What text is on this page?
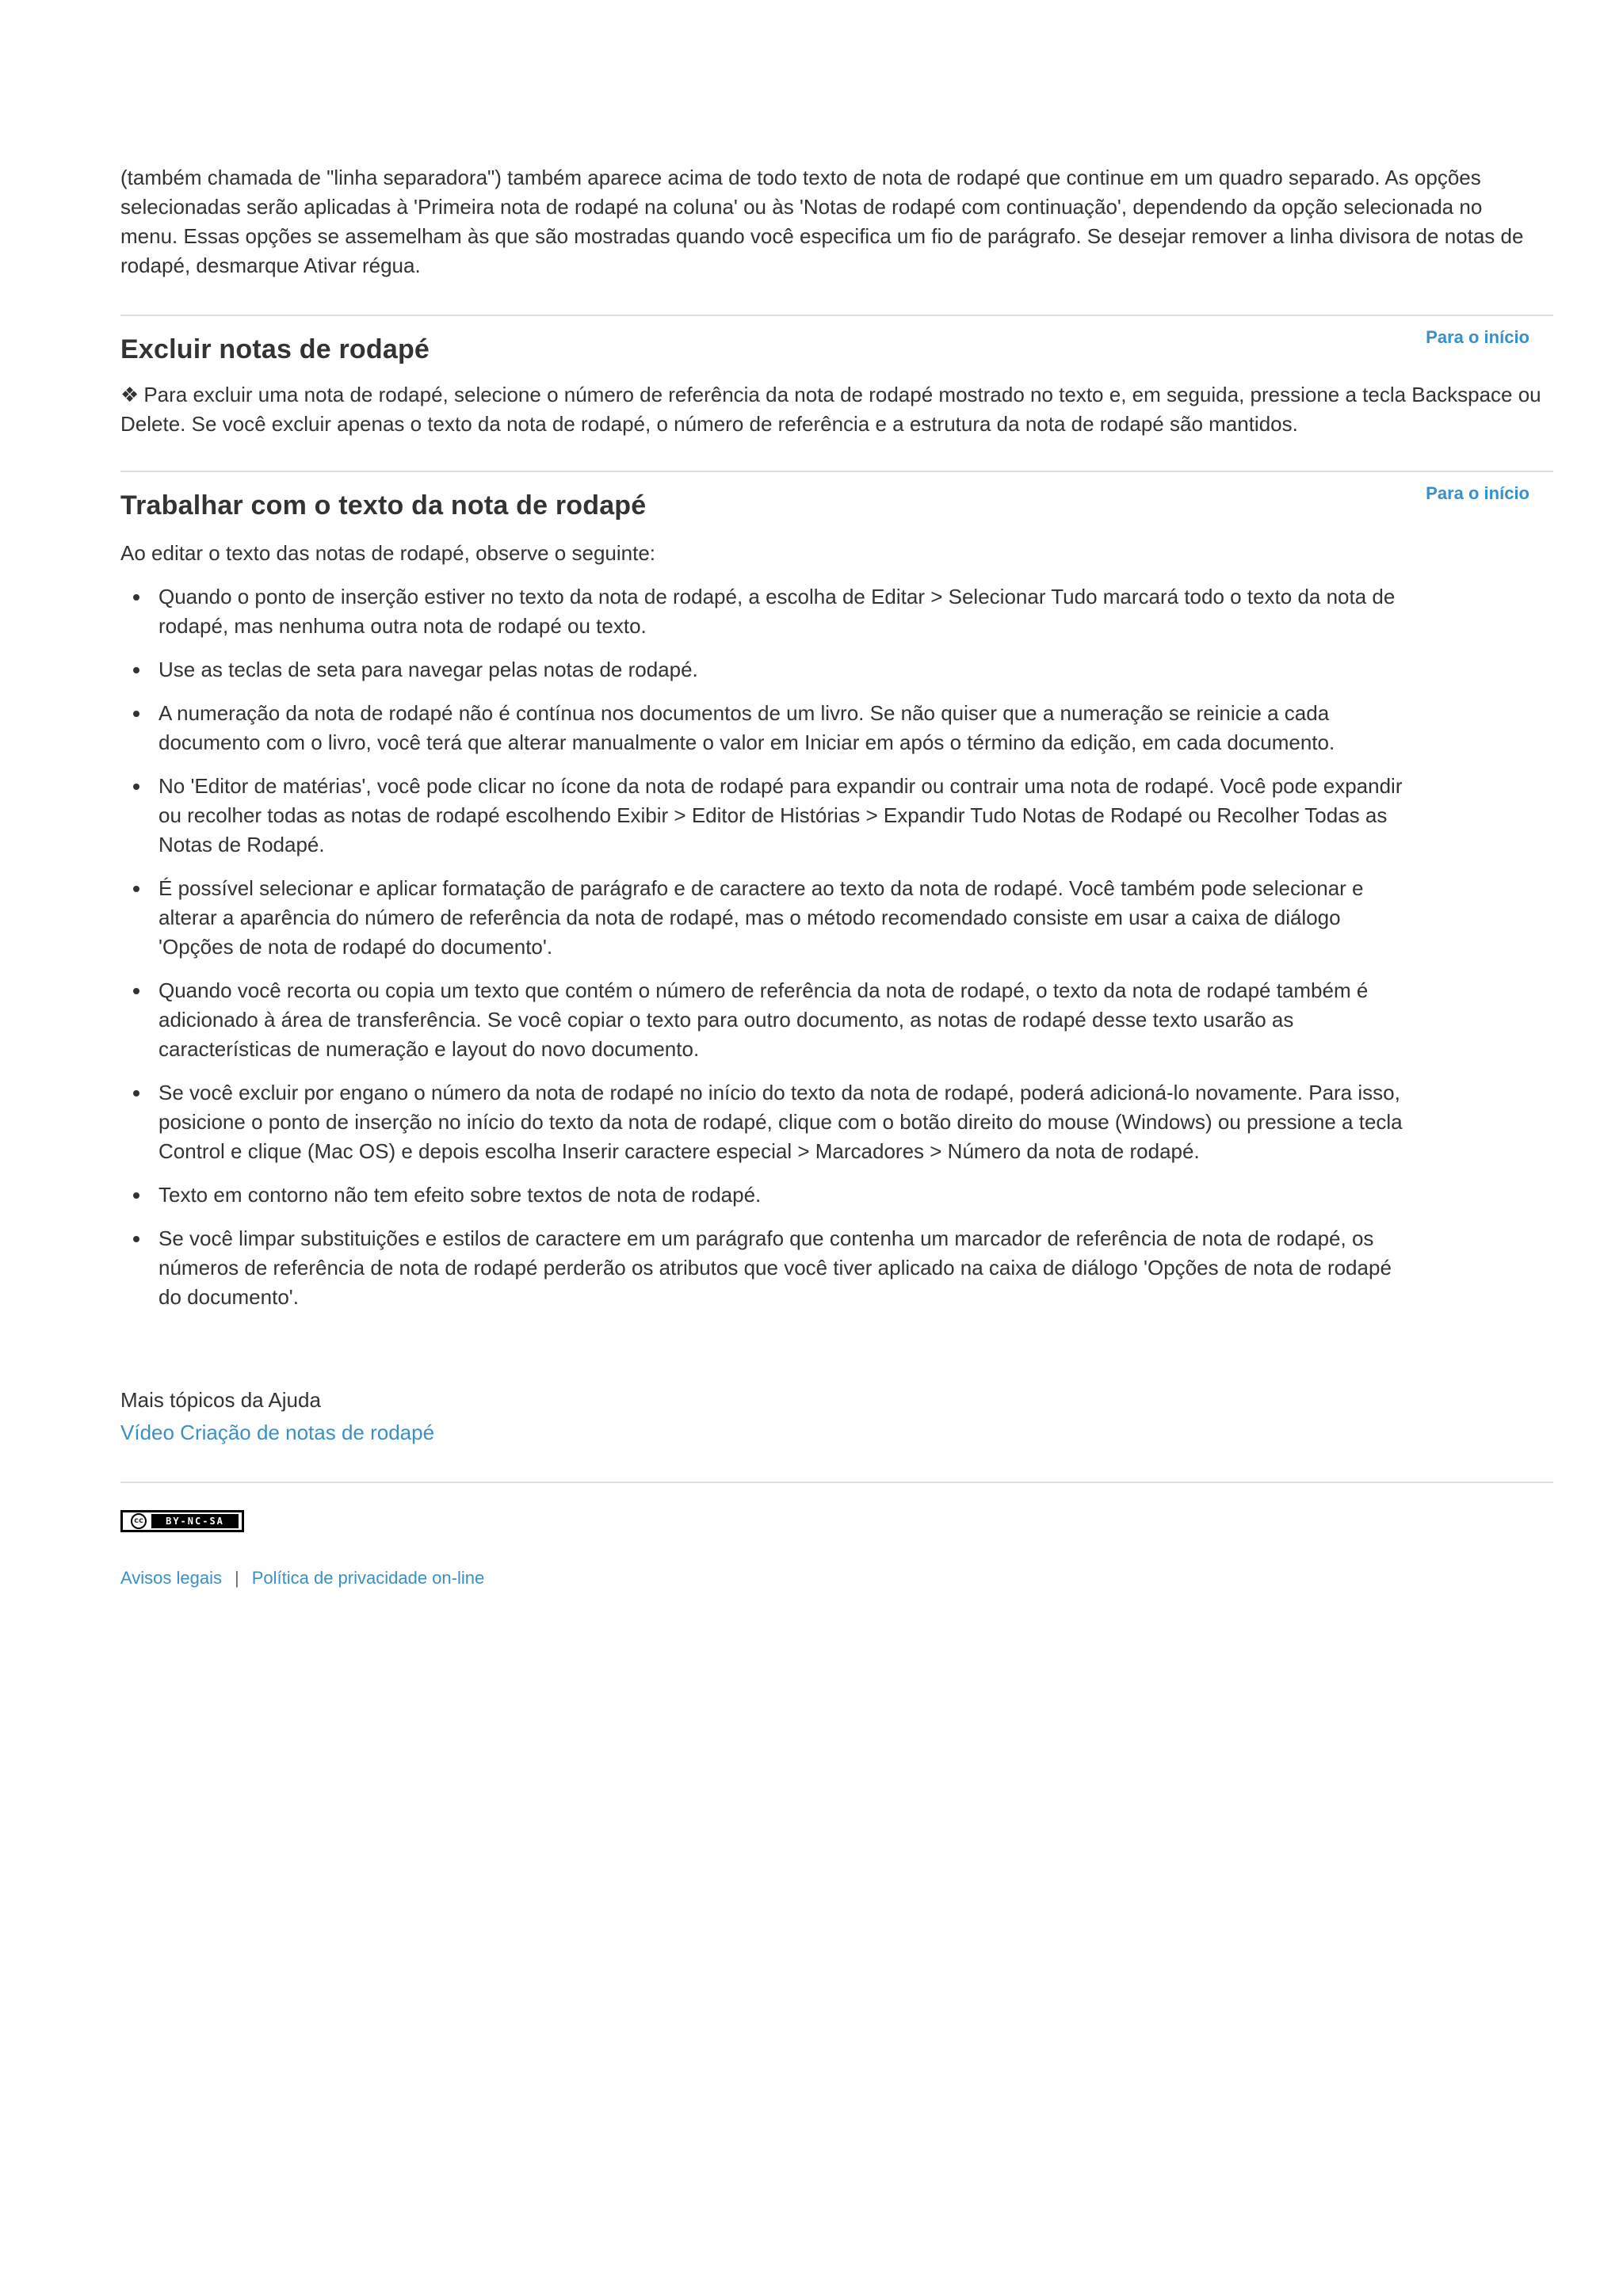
(também chamada de "linha separadora") também aparece acima de todo texto de nota de rodapé que continue em um quadro separado. As opções selecionadas serão aplicadas à 'Primeira nota de rodapé na coluna' ou às 'Notas de rodapé com continuação', dependendo da opção selecionada no menu. Essas opções se assemelham às que são mostradas quando você especifica um fio de parágrafo. Se desejar remover a linha divisora de notas de rodapé, desmarque Ativar régua.

Para o início
Excluir notas de rodapé

❖ Para excluir uma nota de rodapé, selecione o número de referência da nota de rodapé mostrado no texto e, em seguida, pressione a tecla Backspace ou Delete. Se você excluir apenas o texto da nota de rodapé, o número de referência e a estrutura da nota de rodapé são mantidos.

Para o início
Trabalhar com o texto da nota de rodapé

Ao editar o texto das notas de rodapé, observe o seguinte:

Quando o ponto de inserção estiver no texto da nota de rodapé, a escolha de Editar > Selecionar Tudo marcará todo o texto da nota de rodapé, mas nenhuma outra nota de rodapé ou texto.
Use as teclas de seta para navegar pelas notas de rodapé.
A numeração da nota de rodapé não é contínua nos documentos de um livro. Se não quiser que a numeração se reinicie a cada documento com o livro, você terá que alterar manualmente o valor em Iniciar em após o término da edição, em cada documento.
No 'Editor de matérias', você pode clicar no ícone da nota de rodapé para expandir ou contrair uma nota de rodapé. Você pode expandir ou recolher todas as notas de rodapé escolhendo Exibir > Editor de Histórias > Expandir Tudo Notas de Rodapé ou Recolher Todas as Notas de Rodapé.
É possível selecionar e aplicar formatação de parágrafo e de caractere ao texto da nota de rodapé. Você também pode selecionar e alterar a aparência do número de referência da nota de rodapé, mas o método recomendado consiste em usar a caixa de diálogo 'Opções de nota de rodapé do documento'.
Quando você recorta ou copia um texto que contém o número de referência da nota de rodapé, o texto da nota de rodapé também é adicionado à área de transferência. Se você copiar o texto para outro documento, as notas de rodapé desse texto usarão as características de numeração e layout do novo documento.
Se você excluir por engano o número da nota de rodapé no início do texto da nota de rodapé, poderá adicioná-lo novamente. Para isso, posicione o ponto de inserção no início do texto da nota de rodapé, clique com o botão direito do mouse (Windows) ou pressione a tecla Control e clique (Mac OS) e depois escolha Inserir caractere especial > Marcadores > Número da nota de rodapé.
Texto em contorno não tem efeito sobre textos de nota de rodapé.
Se você limpar substituições e estilos de caractere em um parágrafo que contenha um marcador de referência de nota de rodapé, os números de referência de nota de rodapé perderão os atributos que você tiver aplicado na caixa de diálogo 'Opções de nota de rodapé do documento'.

Mais tópicos da Ajuda

Vídeo Criação de notas de rodapé
cc	BY-NC-SA
Avisos legais | Política de privacidade on-line
